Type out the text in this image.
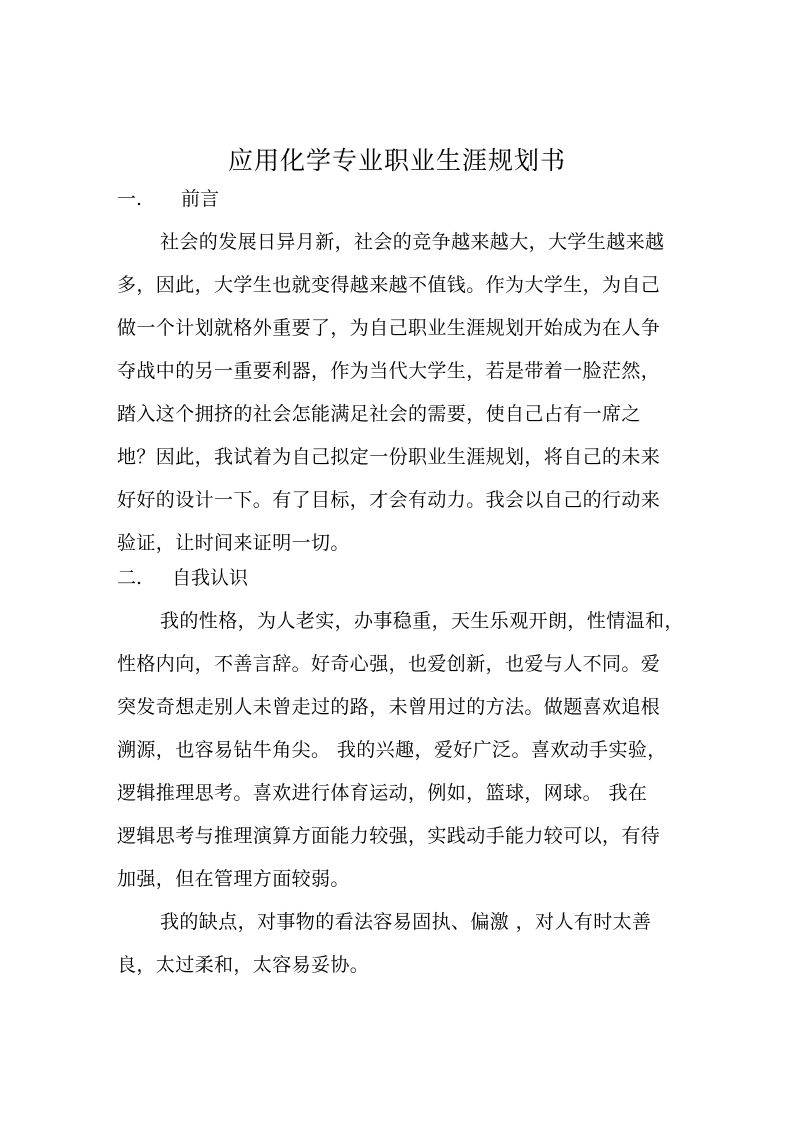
应用化学专业职业生涯规划书
一. 前言
社会的发展日异月新，社会的竞争越来越大，大学生越来越
多，因此，大学生也就变得越来越不值钱。作为大学生，为自己
做一个计划就格外重要了，为自己职业生涯规划开始成为在人争
夺战中的另一重要利器，作为当代大学生，若是带着一脸茫然，
踏入这个拥挤的社会怎能满足社会的需要，使自己占有一席之
地？因此，我试着为自己拟定一份职业生涯规划，将自己的未来
好好的设计一下。有了目标，才会有动力。我会以自己的行动来
验证，让时间来证明一切。
二. 自我认识
我的性格，为人老实，办事稳重，天生乐观开朗，性情温和，
性格内向，不善言辞。好奇心强，也爱创新，也爱与人不同。爱
突发奇想走别人未曾走过的路，未曾用过的方法。做题喜欢追根
溯源，也容易钻牛角尖。 我的兴趣，爱好广泛。喜欢动手实验，
逻辑推理思考。喜欢进行体育运动，例如，篮球，网球。 我在
逻辑思考与推理演算方面能力较强，实践动手能力较可以，有待
加强，但在管理方面较弱。
我的缺点，对事物的看法容易固执、偏激 ，对人有时太善
良，太过柔和，太容易妥协。
